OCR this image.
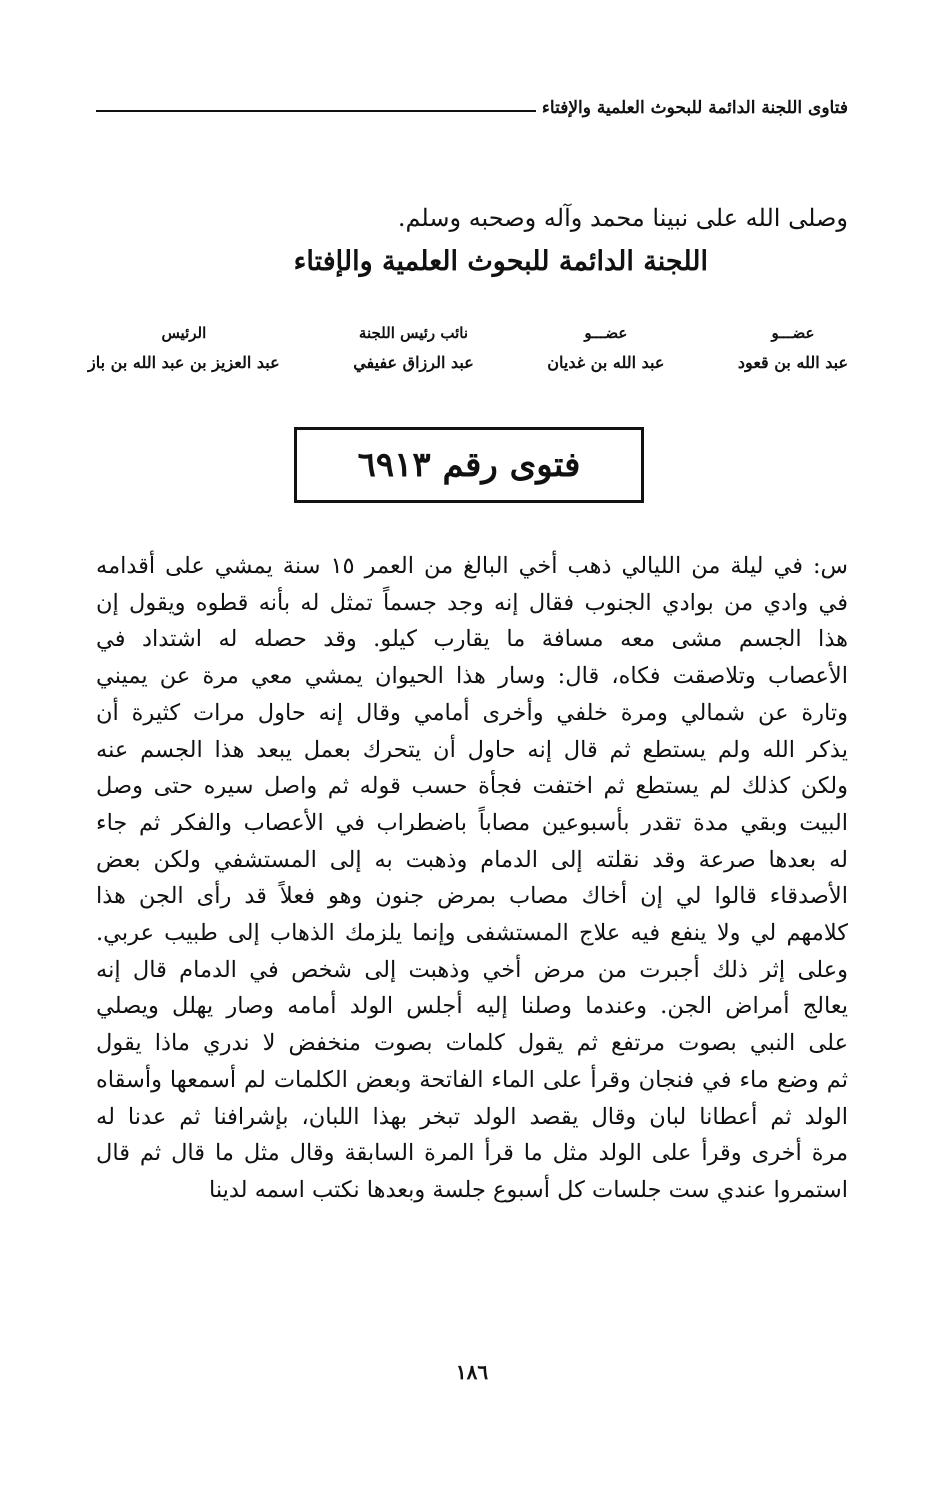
فتاوى اللجنة الدائمة للبحوث العلمية والإفتاء
وصلى الله على نبينا محمد وآله وصحبه وسلم.
اللجنة الدائمة للبحوث العلمية والإفتاء
عضـــو
عبد الله بن قعود
عضـــو
عبد الله بن غديان
نائب رئيس اللجنة
عبد الرزاق عفيفي
الرئيس
عبد العزيز بن عبد الله بن باز
فتوى رقم ٦٩١٣
س: في ليلة من الليالي ذهب أخي البالغ من العمر ١٥ سنة يمشي على أقدامه
في وادي من بوادي الجنوب فقال إنه وجد جسماً تمثل له بأنه قطوه ويقول إن
هذا الجسم مشى معه مسافة ما يقارب كيلو. وقد حصله له اشتداد في
الأعصاب وتلاصقت فكاه، قال: وسار هذا الحيوان يمشي معي مرة عن يميني
وتارة عن شمالي ومرة خلفي وأخرى أمامي وقال إنه حاول مرات كثيرة أن
يذكر الله ولم يستطع ثم قال إنه حاول أن يتحرك بعمل يبعد هذا الجسم عنه
ولكن كذلك لم يستطع ثم اختفت فجأة حسب قوله ثم واصل سيره حتى وصل
البيت وبقي مدة تقدر بأسبوعين مصاباً باضطراب في الأعصاب والفكر ثم جاء
له بعدها صرعة وقد نقلته إلى الدمام وذهبت به إلى المستشفي ولكن بعض
الأصدقاء قالوا لي إن أخاك مصاب بمرض جنون وهو فعلاً قد رأى الجن هذا
كلامهم لي ولا ينفع فيه علاج المستشفى وإنما يلزمك الذهاب إلى طبيب عربي.
وعلى إثر ذلك أجبرت من مرض أخي وذهبت إلى شخص في الدمام قال إنه
يعالج أمراض الجن. وعندما وصلنا إليه أجلس الولد أمامه وصار يهلل ويصلي
على النبي بصوت مرتفع ثم يقول كلمات بصوت منخفض لا ندري ماذا يقول
ثم وضع ماء في فنجان وقرأ على الماء الفاتحة وبعض الكلمات لم أسمعها وأسقاه
الولد ثم أعطانا لبان وقال يقصد الولد تبخر بهذا اللبان، بإشرافنا ثم عدنا له
مرة أخرى وقرأ على الولد مثل ما قرأ المرة السابقة وقال مثل ما قال ثم قال
استمروا عندي ست جلسات كل أسبوع جلسة وبعدها نكتب اسمه لدينا
١٨٦
